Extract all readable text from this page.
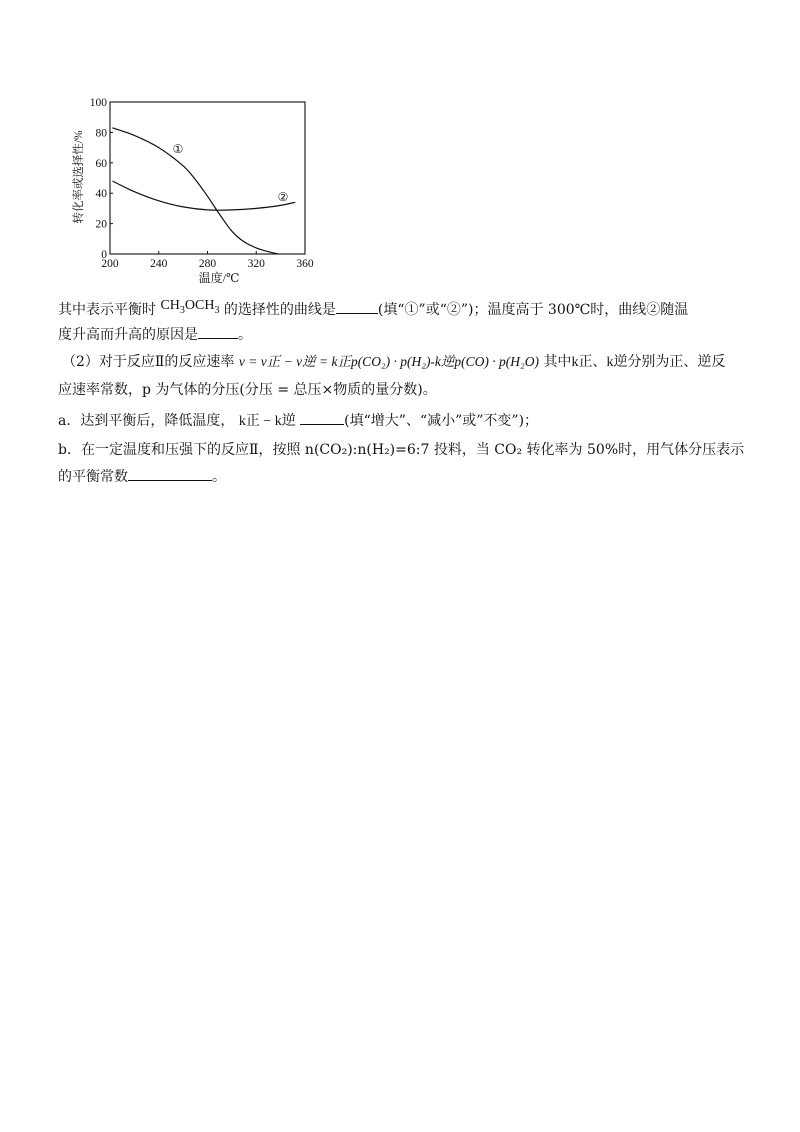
200	240	280	320	360
0
20
40
60
80
100
①
②
温度/℃
转化率或选择性/%
其中表示平衡时 $CH_3OCH_3$ 的选择性的曲线是	(填“①”或“②”)；温度高于 300℃时，曲线②随温
度升高而升高的原因是	。
（2）对于反应Ⅱ的反应速率 v = v正 − v逆 = k正p(CO₂) · p(H₂)-k逆p(CO) · p(H₂O) 其中k正、k逆分别为正、逆反
应速率常数，p 为气体的分压(分压 = 总压×物质的量分数)。
a．达到平衡后，降低温度， k正 − k逆	(填“增大”、“减小”或”不变”)；
b．在一定温度和压强下的反应Ⅱ，按照 n(CO₂):n(H₂)=6:7 投料，当 CO₂ 转化率为 50%时，用气体分压表示
的平衡常数	。
